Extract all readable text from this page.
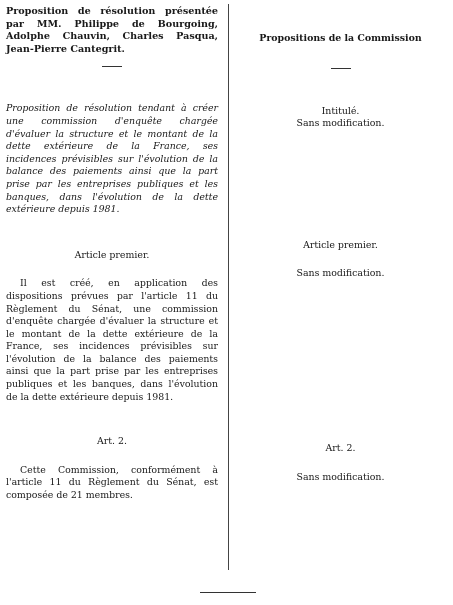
Proposition de résolution présentée par MM. Philippe de Bourgoing, Adolphe Chauvin, Charles Pasqua, Jean-Pierre Cantegrit.
Proposition de résolution tendant à créer une commission d'enquête chargée d'évaluer la structure et le montant de la dette extérieure de la France, ses incidences prévisibles sur l'évolution de la balance des paiements ainsi que la part prise par les entreprises publiques et les banques, dans l'évolution de la dette extérieure depuis 1981.
Article premier.
Il est créé, en application des dispositions prévues par l'article 11 du Règlement du Sénat, une commission d'enquête chargée d'évaluer la structure et le montant de la dette extérieure de la France, ses incidences prévisibles sur l'évolution de la balance des paiements ainsi que la part prise par les entreprises publiques et les banques, dans l'évolution de la dette extérieure depuis 1981.
Art. 2.
Cette Commission, conformément à l'article 11 du Règlement du Sénat, est composée de 21 membres.
Propositions de la Commission
Intitulé.
Sans modification.
Article premier.
Sans modification.
Art. 2.
Sans modification.
